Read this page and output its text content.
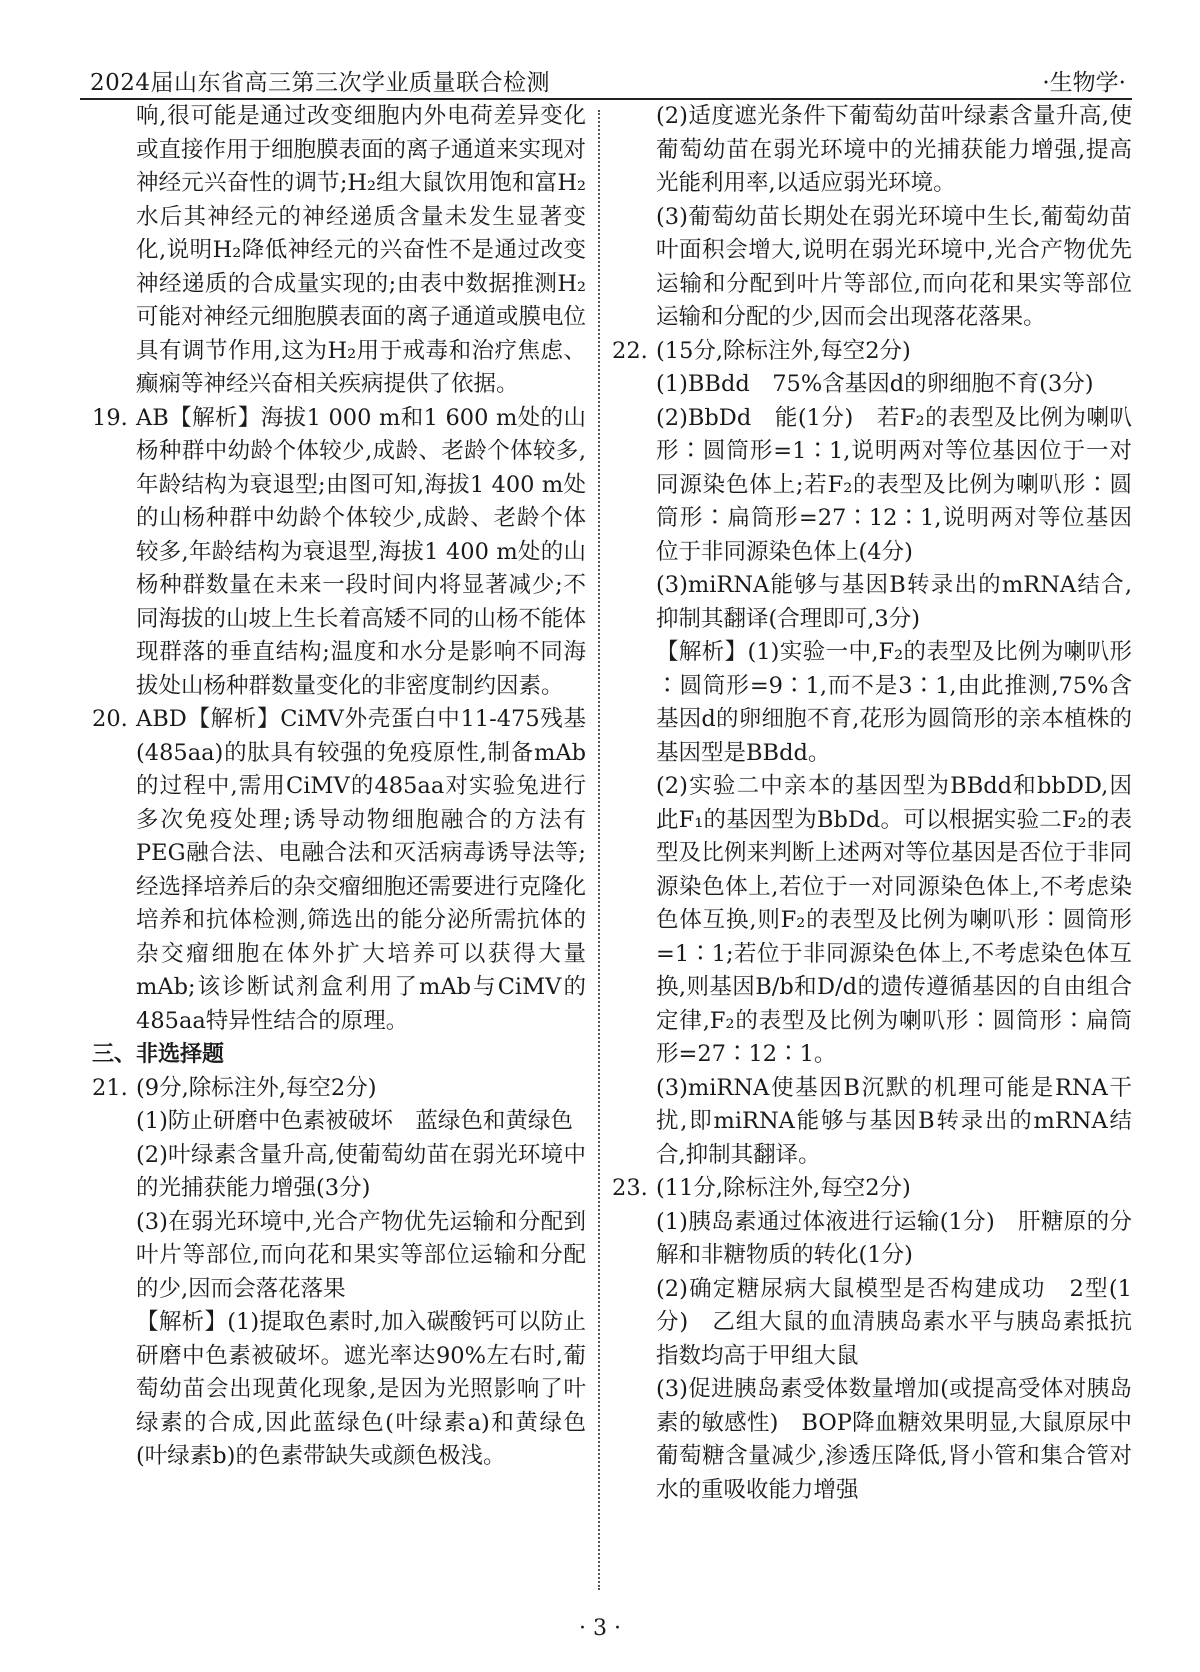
2024届山东省高三第三次学业质量联合检测	·生物学·

响,很可能是通过改变细胞内外电荷差异变化或直接作用于细胞膜表面的离子通道来实现对神经元兴奋性的调节;H₂组大鼠饮用饱和富H₂水后其神经元的神经递质含量未发生显著变化,说明H₂降低神经元的兴奋性不是通过改变神经递质的合成量实现的;由表中数据推测H₂可能对神经元细胞膜表面的离子通道或膜电位具有调节作用,这为H₂用于戒毒和治疗焦虑、癫痫等神经兴奋相关疾病提供了依据。

19. AB【解析】海拔1 000 m和1 600 m处的山杨种群中幼龄个体较少,成龄、老龄个体较多,年龄结构为衰退型;由图可知,海拔1 400 m处的山杨种群中幼龄个体较少,成龄、老龄个体较多,年龄结构为衰退型,海拔1 400 m处的山杨种群数量在未来一段时间内将显著减少;不同海拔的山坡上生长着高矮不同的山杨不能体现群落的垂直结构;温度和水分是影响不同海拔处山杨种群数量变化的非密度制约因素。

20. ABD【解析】CiMV外壳蛋白中11-475残基(485aa)的肽具有较强的免疫原性,制备mAb的过程中,需用CiMV的485aa对实验兔进行多次免疫处理;诱导动物细胞融合的方法有PEG融合法、电融合法和灭活病毒诱导法等;经选择培养后的杂交瘤细胞还需要进行克隆化培养和抗体检测,筛选出的能分泌所需抗体的杂交瘤细胞在体外扩大培养可以获得大量mAb;该诊断试剂盒利用了mAb与CiMV的485aa特异性结合的原理。

三、非选择题

21. (9分,除标注外,每空2分)

(1)防止研磨中色素被破坏　蓝绿色和黄绿色

(2)叶绿素含量升高,使葡萄幼苗在弱光环境中的光捕获能力增强(3分)

(3)在弱光环境中,光合产物优先运输和分配到叶片等部位,而向花和果实等部位运输和分配的少,因而会落花落果

【解析】(1)提取色素时,加入碳酸钙可以防止研磨中色素被破坏。遮光率达90%左右时,葡萄幼苗会出现黄化现象,是因为光照影响了叶绿素的合成,因此蓝绿色(叶绿素a)和黄绿色(叶绿素b)的色素带缺失或颜色极浅。

(2)适度遮光条件下葡萄幼苗叶绿素含量升高,使葡萄幼苗在弱光环境中的光捕获能力增强,提高光能利用率,以适应弱光环境。

(3)葡萄幼苗长期处在弱光环境中生长,葡萄幼苗叶面积会增大,说明在弱光环境中,光合产物优先运输和分配到叶片等部位,而向花和果实等部位运输和分配的少,因而会出现落花落果。

22. (15分,除标注外,每空2分)

(1)BBdd　75%含基因d的卵细胞不育(3分)

(2)BbDd　能(1分)　若F₂的表型及比例为喇叭形∶圆筒形=1∶1,说明两对等位基因位于一对同源染色体上;若F₂的表型及比例为喇叭形∶圆筒形∶扁筒形=27∶12∶1,说明两对等位基因位于非同源染色体上(4分)

(3)miRNA能够与基因B转录出的mRNA结合,抑制其翻译(合理即可,3分)

【解析】(1)实验一中,F₂的表型及比例为喇叭形∶圆筒形=9∶1,而不是3∶1,由此推测,75%含基因d的卵细胞不育,花形为圆筒形的亲本植株的基因型是BBdd。

(2)实验二中亲本的基因型为BBdd和bbDD,因此F₁的基因型为BbDd。可以根据实验二F₂的表型及比例来判断上述两对等位基因是否位于非同源染色体上,若位于一对同源染色体上,不考虑染色体互换,则F₂的表型及比例为喇叭形∶圆筒形=1∶1;若位于非同源染色体上,不考虑染色体互换,则基因B/b和D/d的遗传遵循基因的自由组合定律,F₂的表型及比例为喇叭形∶圆筒形∶扁筒形=27∶12∶1。

(3)miRNA使基因B沉默的机理可能是RNA干扰,即miRNA能够与基因B转录出的mRNA结合,抑制其翻译。

23. (11分,除标注外,每空2分)

(1)胰岛素通过体液进行运输(1分)　肝糖原的分解和非糖物质的转化(1分)

(2)确定糖尿病大鼠模型是否构建成功　2型(1分)　乙组大鼠的血清胰岛素水平与胰岛素抵抗指数均高于甲组大鼠

(3)促进胰岛素受体数量增加(或提高受体对胰岛素的敏感性)　BOP降血糖效果明显,大鼠原尿中葡萄糖含量减少,渗透压降低,肾小管和集合管对水的重吸收能力增强

· 3 ·
